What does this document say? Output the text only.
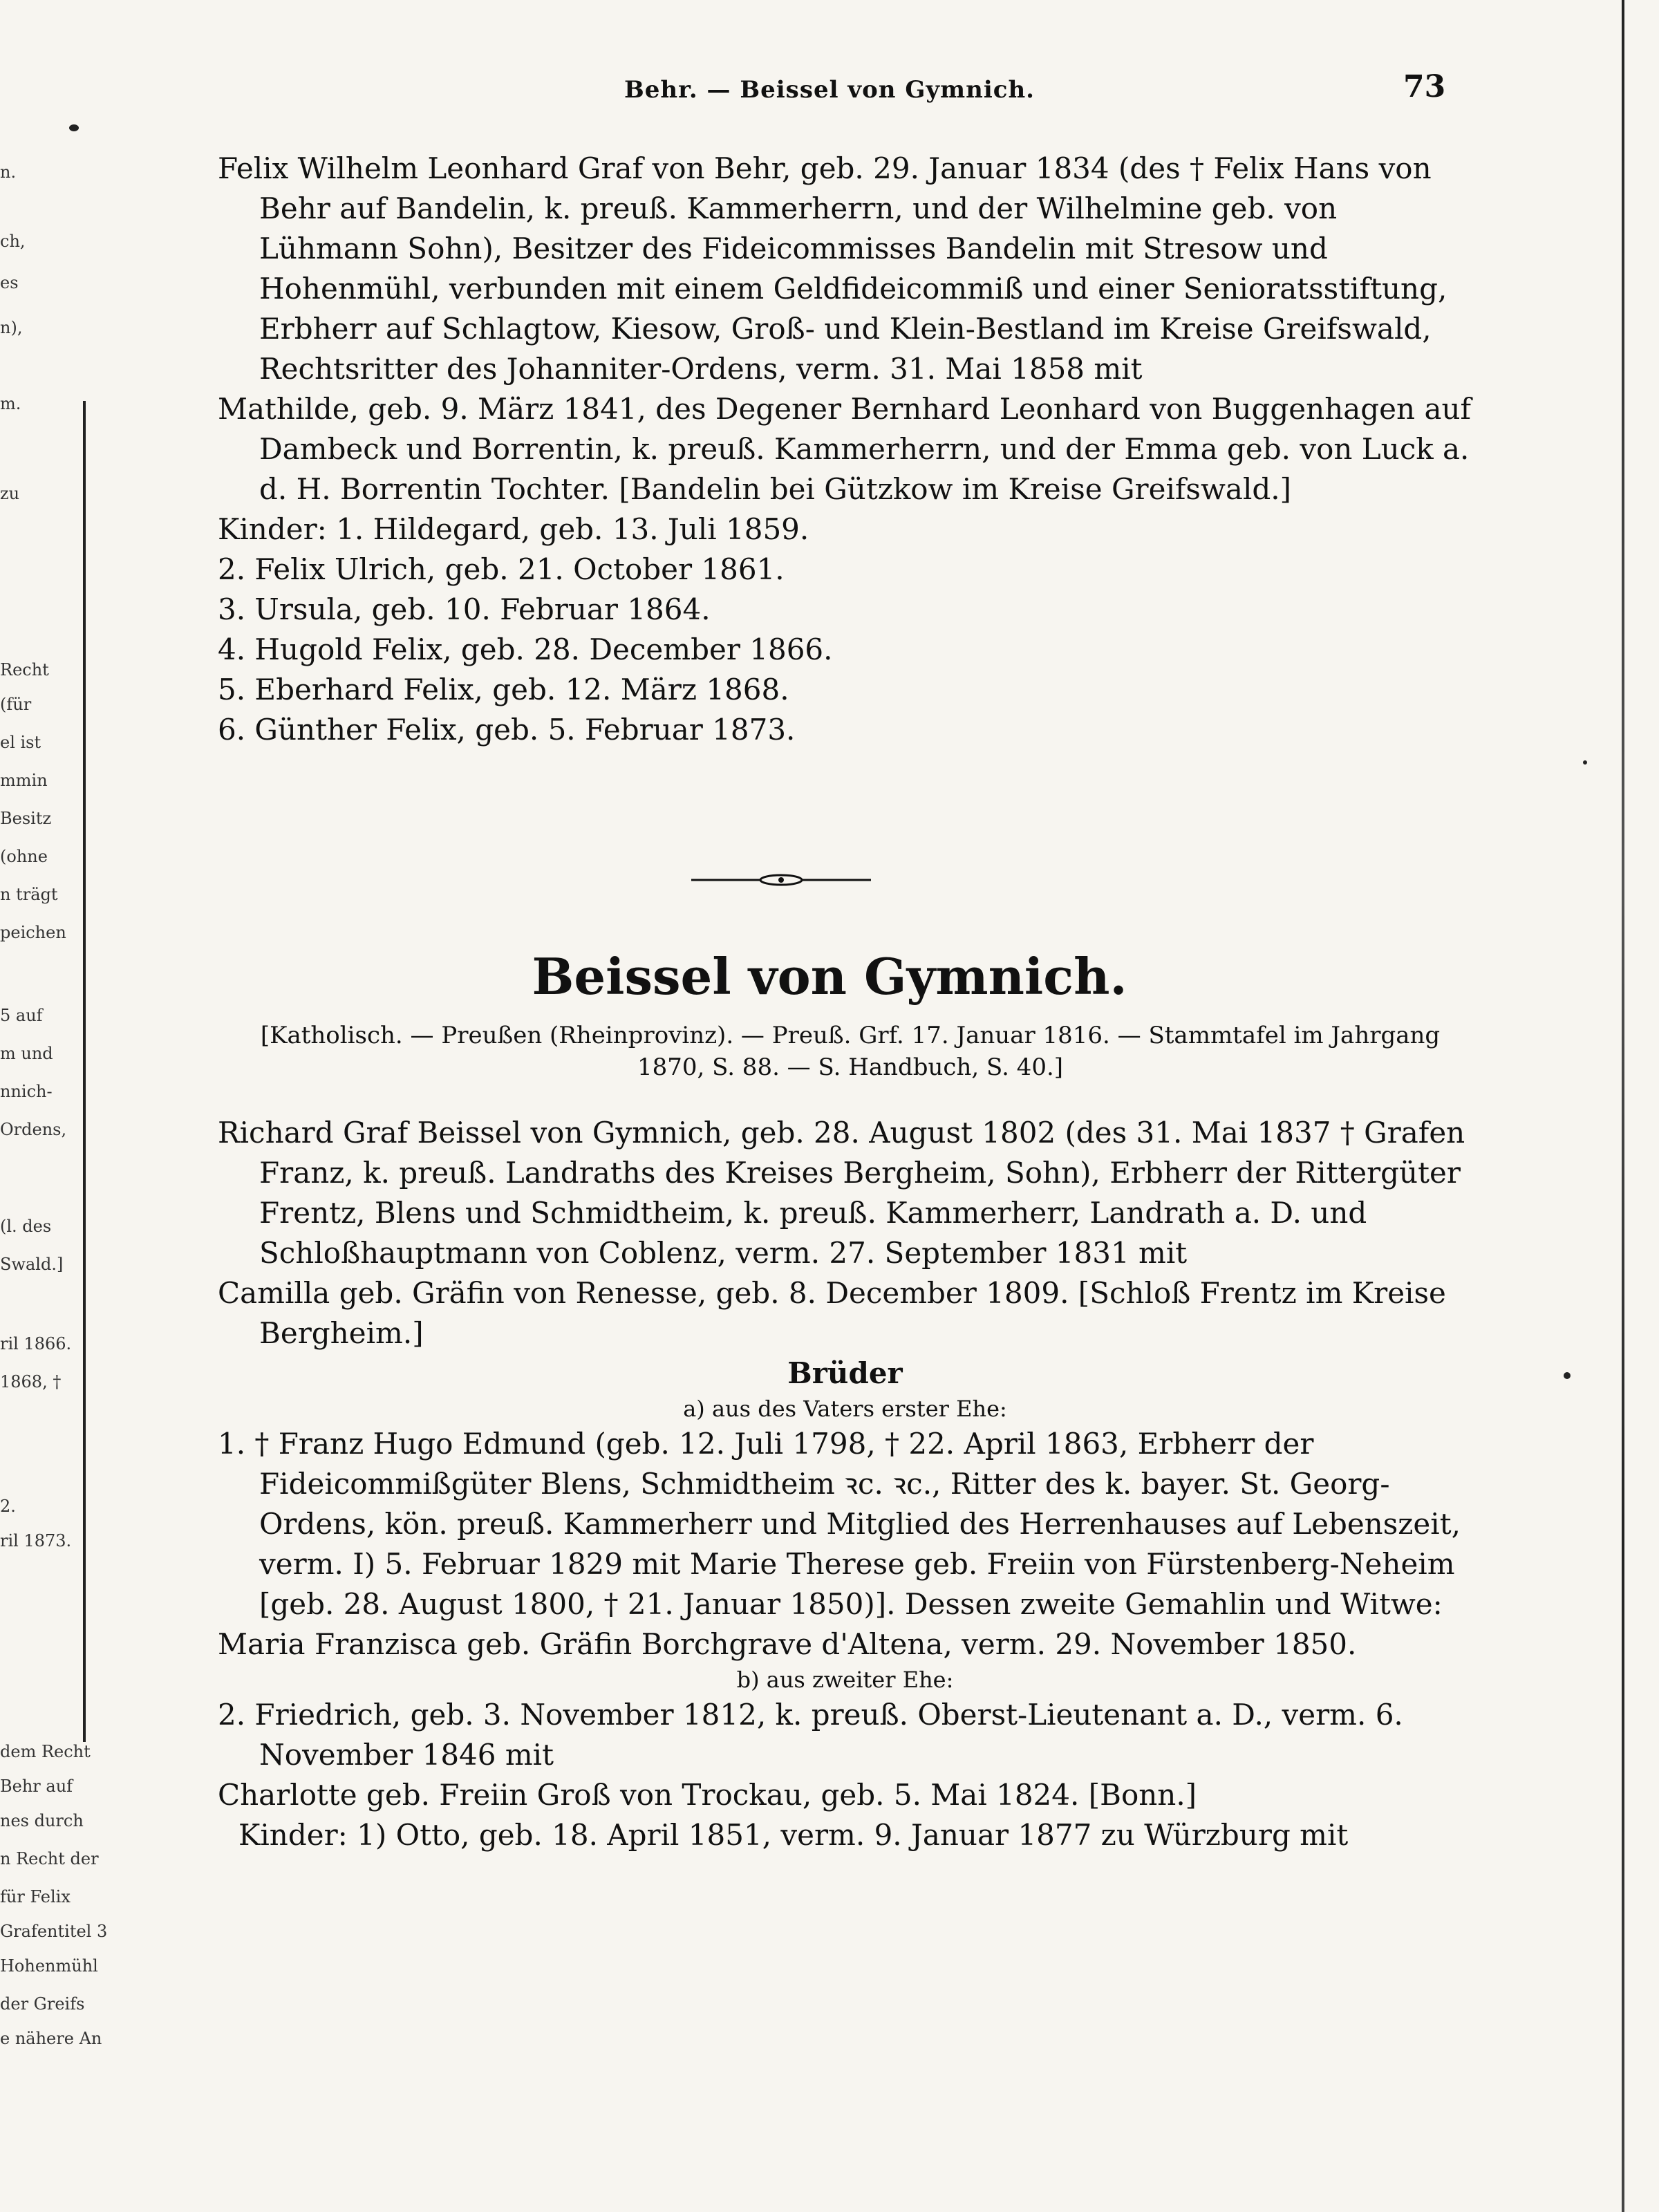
n.
ch,
es
n),
m.
zu
Recht
(für
el ist
mmin
Besitz
(ohne
n trägt
peichen
5 auf
m und
nnich-
Ordens,
(l. des
Swald.]
ril 1866.
1868, †
2.
ril 1873.
dem Recht
Behr auf
nes durch
n Recht der
für Felix
Grafentitel 3
Hohenmühl
der Greifs
e nähere An
Behr. — Beissel von Gymnich.	73

Felix Wilhelm Leonhard Graf von Behr, geb. 29. Januar 1834 (des † Felix Hans von Behr auf Bandelin, k. preuß. Kammerherrn, und der Wilhelmine geb. von Lühmann Sohn), Besitzer des Fideicommisses Bandelin mit Stresow und Hohenmühl, verbunden mit einem Geldfideicommiß und einer Senioratsstiftung, Erbherr auf Schlagtow, Kiesow, Groß- und Klein-Bestland im Kreise Greifswald, Rechtsritter des Johanniter-Ordens, verm. 31. Mai 1858 mit

Mathilde, geb. 9. März 1841, des Degener Bernhard Leonhard von Buggenhagen auf Dambeck und Borrentin, k. preuß. Kammerherrn, und der Emma geb. von Luck a. d. H. Borrentin Tochter. [Bandelin bei Gützkow im Kreise Greifswald.]

Kinder: 1. Hildegard, geb. 13. Juli 1859.

2. Felix Ulrich, geb. 21. October 1861.

3. Ursula, geb. 10. Februar 1864.

4. Hugold Felix, geb. 28. December 1866.

5. Eberhard Felix, geb. 12. März 1868.

6. Günther Felix, geb. 5. Februar 1873.

Beissel von Gymnich.
[Katholisch. — Preußen (Rheinprovinz). — Preuß. Grf. 17. Januar 1816. — Stammtafel im Jahrgang 1870, S. 88. — S. Handbuch, S. 40.]

Richard Graf Beissel von Gymnich, geb. 28. August 1802 (des 31. Mai 1837 † Grafen Franz, k. preuß. Landraths des Kreises Bergheim, Sohn), Erbherr der Rittergüter Frentz, Blens und Schmidtheim, k. preuß. Kammerherr, Landrath a. D. und Schloßhauptmann von Coblenz, verm. 27. September 1831 mit

Camilla geb. Gräfin von Renesse, geb. 8. December 1809. [Schloß Frentz im Kreise Bergheim.]

Brüder

a) aus des Vaters erster Ehe:

1. † Franz Hugo Edmund (geb. 12. Juli 1798, † 22. April 1863, Erbherr der Fideicommißgüter Blens, Schmidtheim ꝛc. ꝛc., Ritter des k. bayer. St. Georg-Ordens, kön. preuß. Kammerherr und Mitglied des Herrenhauses auf Lebenszeit, verm. I) 5. Februar 1829 mit Marie Therese geb. Freiin von Fürstenberg-Neheim [geb. 28. August 1800, † 21. Januar 1850)]. Dessen zweite Gemahlin und Witwe:

Maria Franzisca geb. Gräfin Borchgrave d'Altena, verm. 29. November 1850.

b) aus zweiter Ehe:

2. Friedrich, geb. 3. November 1812, k. preuß. Oberst-Lieutenant a. D., verm. 6. November 1846 mit

Charlotte geb. Freiin Groß von Trockau, geb. 5. Mai 1824. [Bonn.]

Kinder: 1) Otto, geb. 18. April 1851, verm. 9. Januar 1877 zu Würzburg mit
